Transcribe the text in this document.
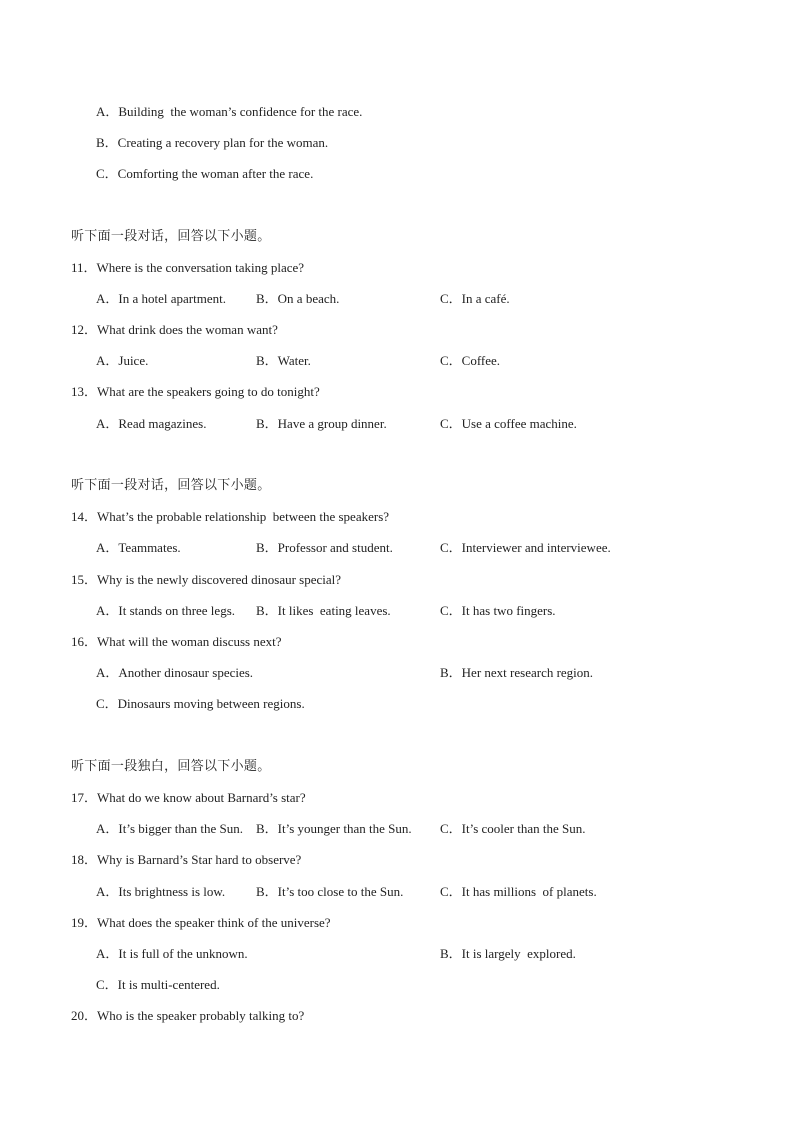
A．Building  the woman’s confidence for the race.
B．Creating a recovery plan for the woman.
C．Comforting the woman after the race.
听下面一段对话，回答以下小题。
11．Where is the conversation taking place?
A．In a hotel apartment. B．On a beach.	C．In a café.
12．What drink does the woman want?
A．Juice.	B．Water.	C．Coffee.
13．What are the speakers going to do tonight?
A．Read magazines.	B．Have a group dinner.	C．Use a coffee machine.
听下面一段对话，回答以下小题。
14．What’s the probable relationship  between the speakers?
A．Teammates.	B．Professor and student.	C．Interviewer and interviewee.
15．Why is the newly discovered dinosaur special?
A．It stands on three legs. B．It likes  eating leaves.	C．It has two fingers.
16．What will the woman discuss next?
A．Another dinosaur species.	B．Her next research region.
C．Dinosaurs moving between regions.
听下面一段独白，回答以下小题。
17．What do we know about Barnard’s star?
A．It’s bigger than the Sun. B．It’s younger than the Sun. C．It’s cooler than the Sun.
18．Why is Barnard’s Star hard to observe?
A．Its brightness is low. B．It’s too close to the Sun.	C．It has millions  of planets.
19．What does the speaker think of the universe?
A．It is full of the unknown.	B．It is largely  explored.
C．It is multi-centered.
20．Who is the speaker probably talking to?
